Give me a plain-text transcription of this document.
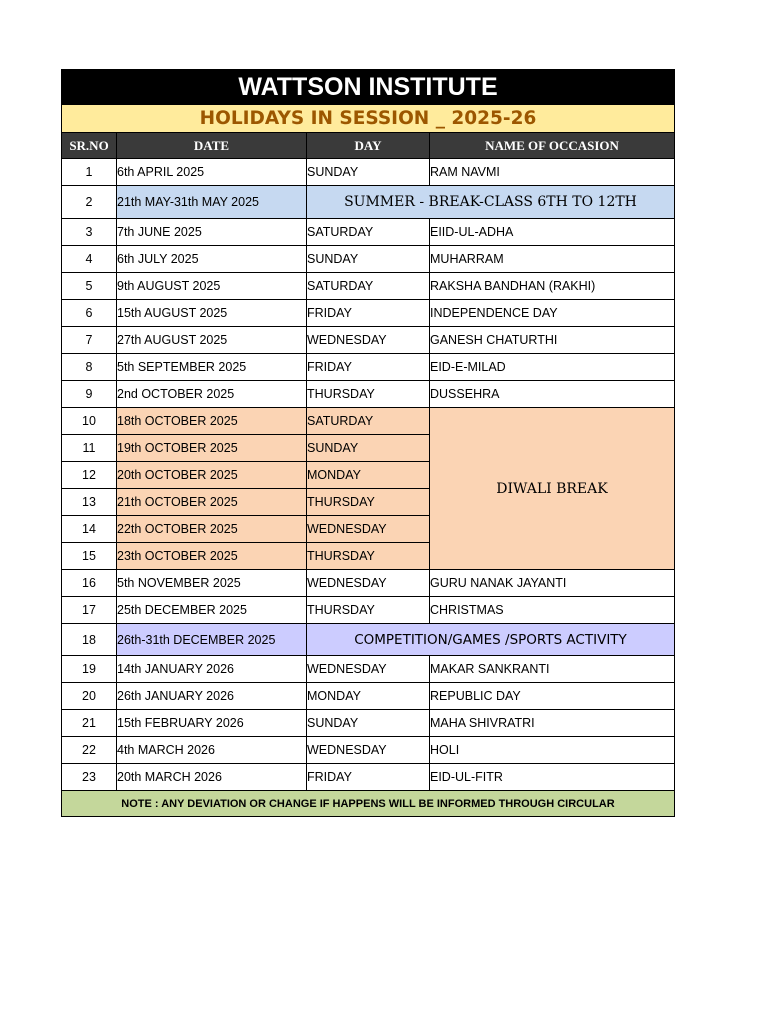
WATTSON INSTITUTE			
HOLIDAYS IN SESSION _ 2025-26			
SR.NO	DATE	DAY	NAME OF OCCASION
1	6th APRIL 2025	SUNDAY	RAM NAVMI
2	21th MAY-31th MAY 2025	SUMMER - BREAK-CLASS 6TH TO 12TH	
3	7th JUNE 2025	SATURDAY	EIID-UL-ADHA
4	6th JULY 2025	SUNDAY	MUHARRAM
5	9th AUGUST 2025	SATURDAY	RAKSHA BANDHAN (RAKHI)
6	15th AUGUST 2025	FRIDAY	INDEPENDENCE DAY
7	27th AUGUST 2025	WEDNESDAY	GANESH CHATURTHI
8	5th SEPTEMBER 2025	FRIDAY	EID-E-MILAD
9	2nd OCTOBER 2025	THURSDAY	DUSSEHRA
10	18th OCTOBER 2025	SATURDAY	DIWALI BREAK
11	19th OCTOBER 2025	SUNDAY	
12	20th OCTOBER 2025	MONDAY	
13	21th OCTOBER 2025	THURSDAY	
14	22th OCTOBER 2025	WEDNESDAY	
15	23th OCTOBER 2025	THURSDAY	
16	5th NOVEMBER 2025	WEDNESDAY	GURU NANAK JAYANTI
17	25th DECEMBER 2025	THURSDAY	CHRISTMAS
18	26th-31th DECEMBER 2025	COMPETITION/GAMES /SPORTS ACTIVITY	
19	14th JANUARY 2026	WEDNESDAY	MAKAR SANKRANTI
20	26th JANUARY 2026	MONDAY	REPUBLIC DAY
21	15th FEBRUARY 2026	SUNDAY	MAHA SHIVRATRI
22	4th MARCH 2026	WEDNESDAY	HOLI
23	20th MARCH 2026	FRIDAY	EID-UL-FITR
NOTE : ANY DEVIATION OR CHANGE IF HAPPENS WILL BE INFORMED THROUGH CIRCULAR			
